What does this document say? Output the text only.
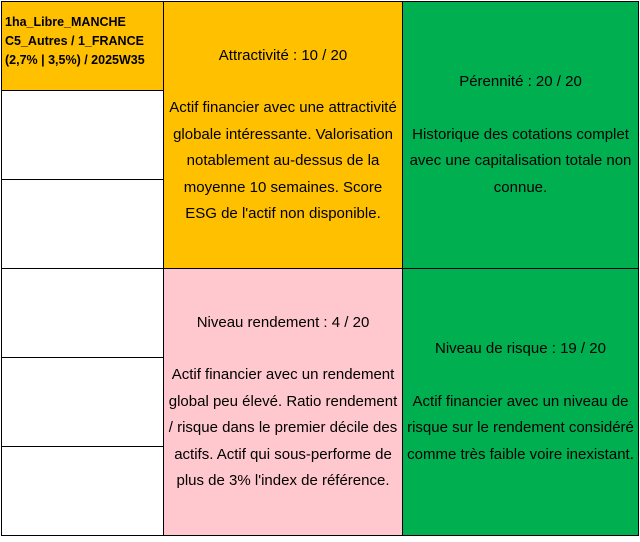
1ha_Libre_MANCHE
C5_Autres / 1_FRANCE
(2,7% | 3,5%) / 2025W35	Attractivité : 10 / 20
Actif financier avec une attractivité globale intéressante. Valorisation notablement au-dessus de la moyenne 10 semaines. Score ESG de l'actif non disponible.
Pérennité : 20 / 20
Historique des cotations complet avec une capitalisation totale non connue.
Niveau rendement : 4 / 20
Actif financier avec un rendement global peu élevé. Ratio rendement / risque dans le premier décile des actifs. Actif qui sous-performe de plus de 3% l'index de référence.
Niveau de risque : 19 / 20
Actif financier avec un niveau de risque sur le rendement considéré comme très faible voire inexistant.
